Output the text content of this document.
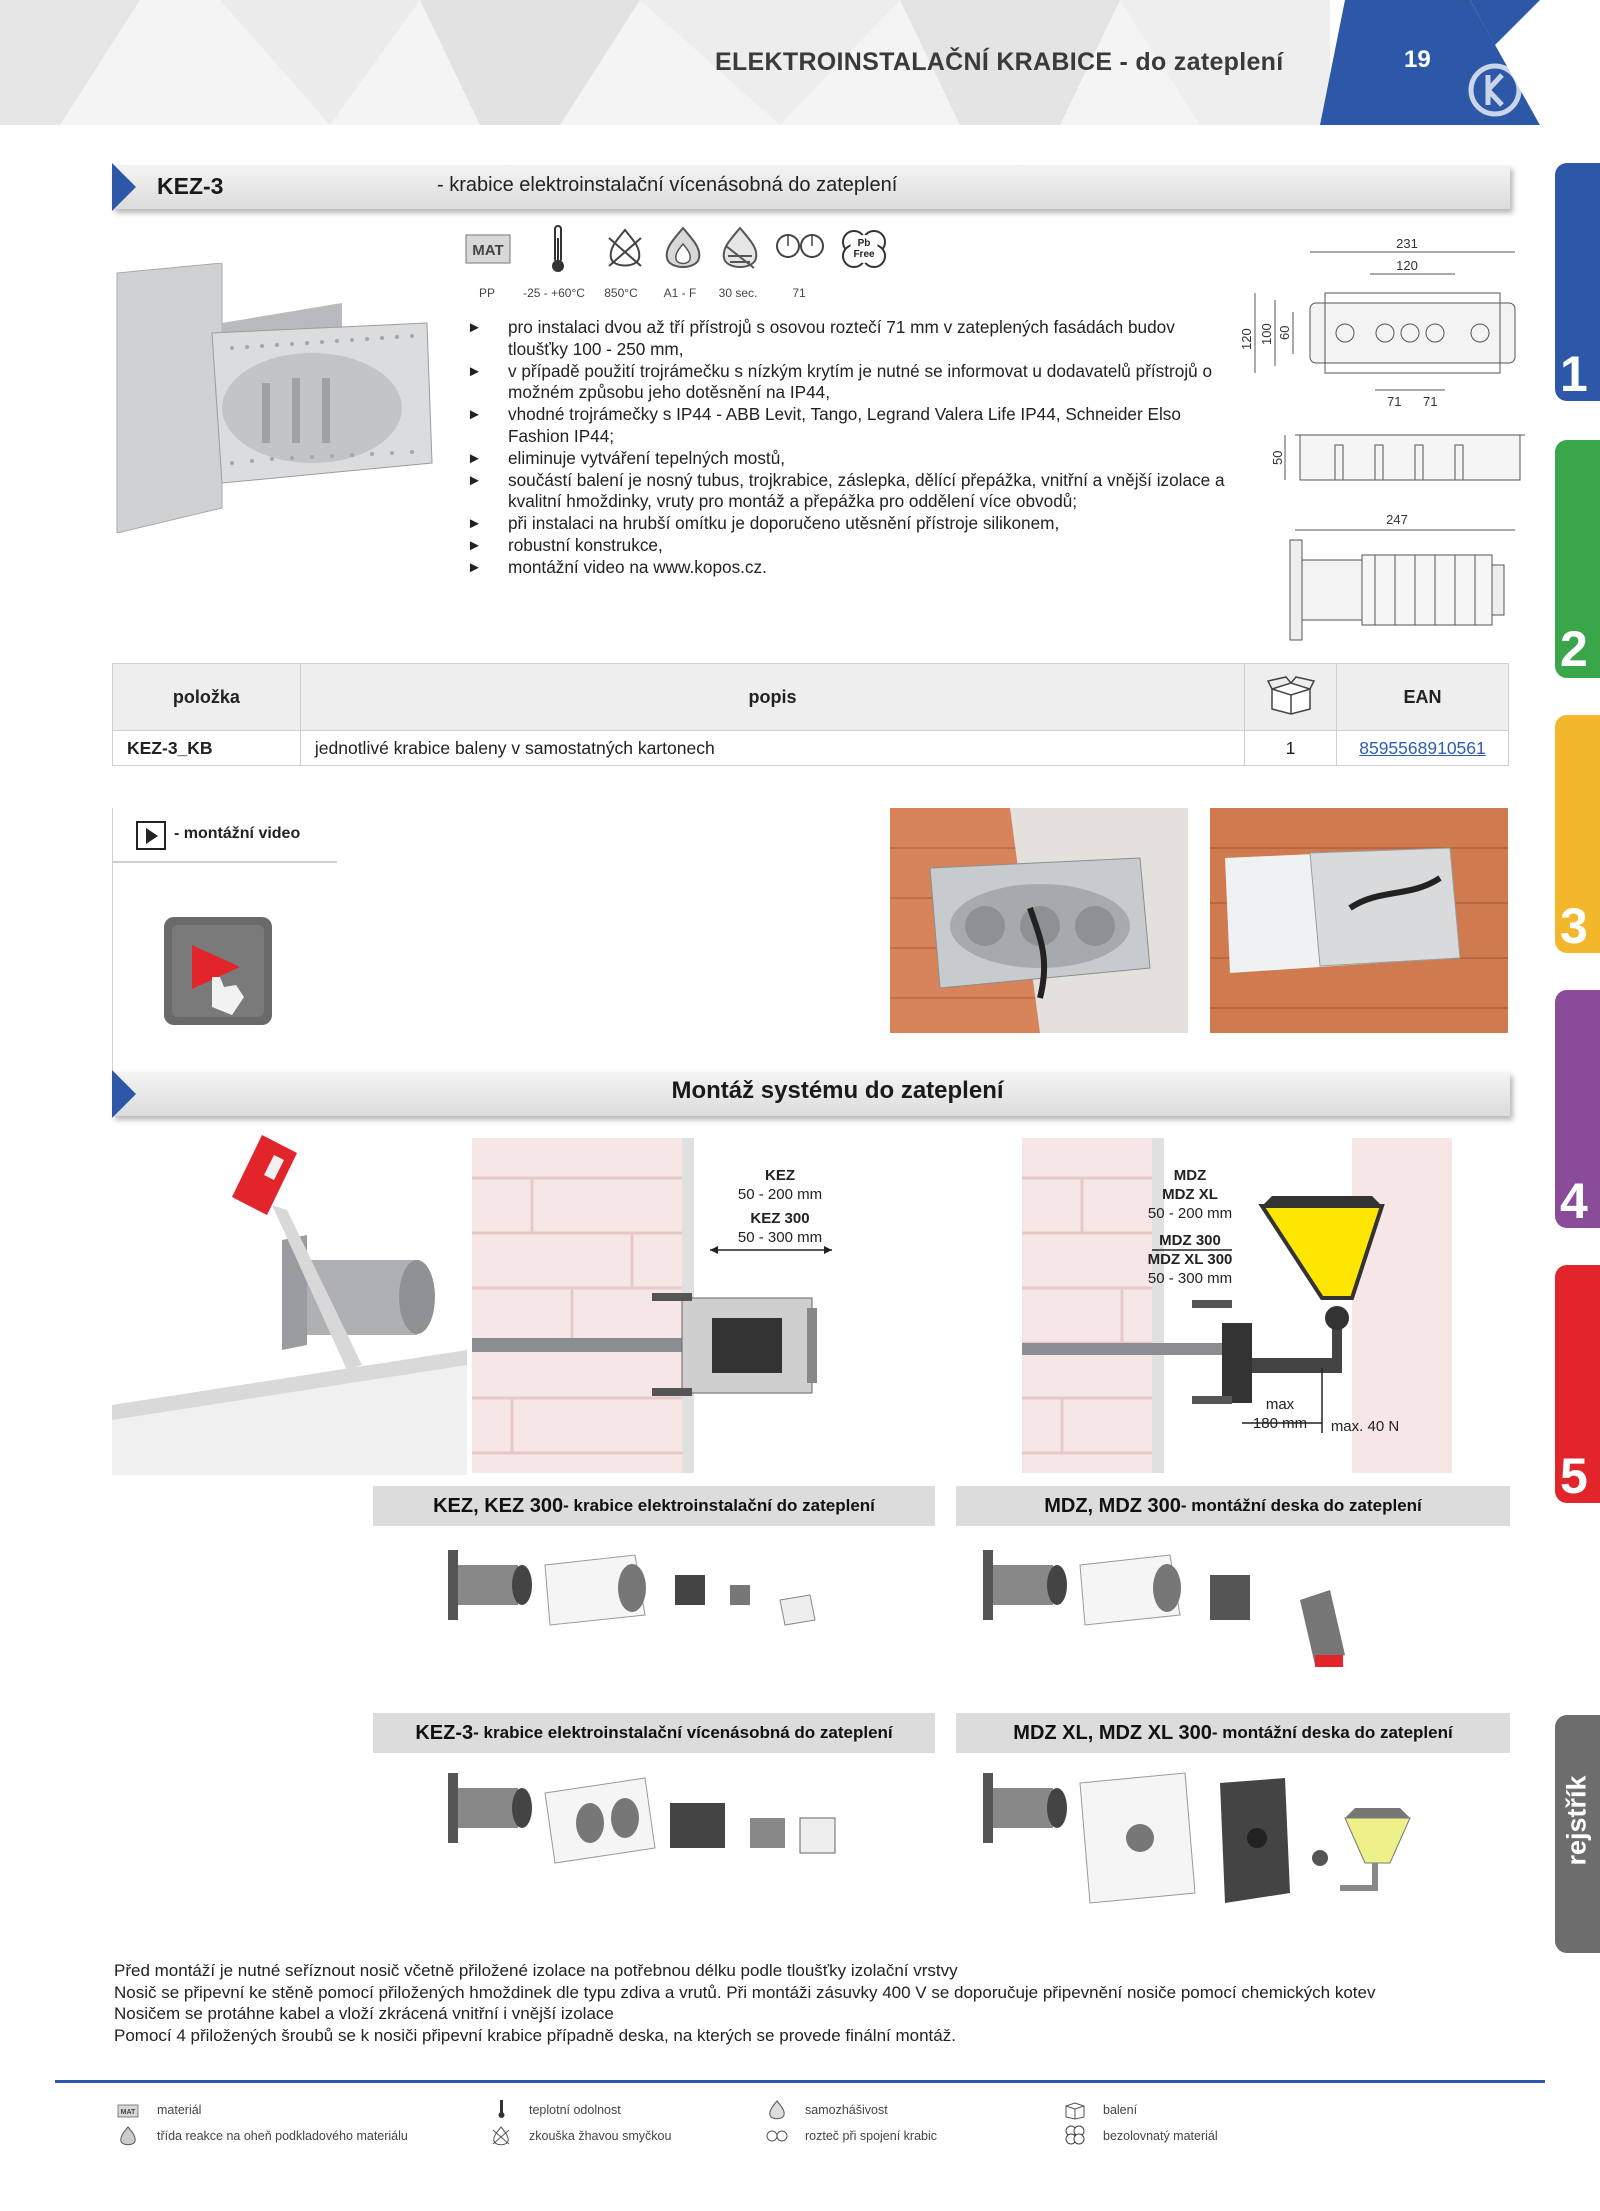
ELEKTROINSTALAČNÍ KRABICE - do zateplení	19
KEZ-3	- krabice elektroinstalační vícenásobná do zateplení
MAT	Pb
Free
PP	-25 - +60°C	850°C	A1 - F	30 sec.	71
► pro instalaci dvou až tří přístrojů s osovou roztečí 71 mm v zateplených fasádách budov tloušťky 100 - 250 mm,
► v případě použití trojrámečku s nízkým krytím je nutné se informovat u dodavatelů přístrojů o možném způsobu jeho dotěsnění na IP44,
► vhodné trojrámečky s IP44 - ABB Levit, Tango, Legrand Valera Life IP44, Schneider Elso Fashion IP44;
► eliminuje vytváření tepelných mostů,
► součástí balení je nosný tubus, trojkrabice, záslepka, dělící přepážka, vnitřní a vnější izolace a kvalitní hmoždinky, vruty pro montáž a přepážka pro oddělení více obvodů;
► při instalaci na hrubší omítku je doporučeno utěsnění přístroje silikonem,
► robustní konstrukce,
► montážní video na www.kopos.cz.
231
120
120 100 60
71 71
50
247
položka	popis		EAN
KEZ-3_KB	jednotlivé krabice baleny v samostatných kartonech	1	8595568910561
- montážní video
Montáž systému do zateplení
KEZ
50 - 200 mm
KEZ 300
50 - 300 mm
MDZ
MDZ XL
50 - 200 mm
MDZ 300
MDZ XL 300
50 - 300 mm
max
180 mm	max. 40 N
KEZ, KEZ 300 - krabice elektroinstalační do zateplení	MDZ, MDZ 300 - montážní deska do zateplení
KEZ-3 - krabice elektroinstalační vícenásobná do zateplení	MDZ XL, MDZ XL 300 - montážní deska do zateplení
Před montáží je nutné seříznout nosič včetně přiložené izolace na potřebnou délku podle tloušťky izolační vrstvy
Nosič se připevní ke stěně pomocí přiložených hmoždinek dle typu zdiva a vrutů. Při montáži zásuvky 400 V se doporučuje připevnění nosiče pomocí chemických kotev
Nosičem se protáhne kabel a vloží zkrácená vnitřní i vnější izolace
Pomocí 4 přiložených šroubů se k nosiči připevní krabice případně deska, na kterých se provede finální montáž.
MAT materiál	teplotní odolnost	samozhášivost	balení
třída reakce na oheň podkladového materiálu	zkouška žhavou smyčkou	rozteč při spojení krabic	bezolovnatý materiál
1
2
3
4
5
rejstřík
